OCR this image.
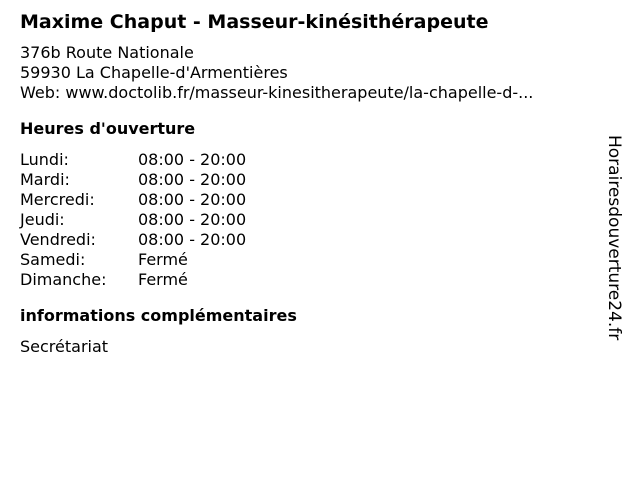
Maxime Chaput - Masseur-kinésithérapeute
376b Route Nationale
59930 La Chapelle-d'Armentières
Web: www.doctolib.fr/masseur-kinesitherapeute/la-chapelle-d-...
Heures d'ouverture
Lundi:	08:00 - 20:00
Mardi:	08:00 - 20:00
Mercredi:	08:00 - 20:00
Jeudi:	08:00 - 20:00
Vendredi:	08:00 - 20:00
Samedi:	Fermé
Dimanche:	Fermé
informations complémentaires
Secrétariat
Horairesdouverture24.fr
